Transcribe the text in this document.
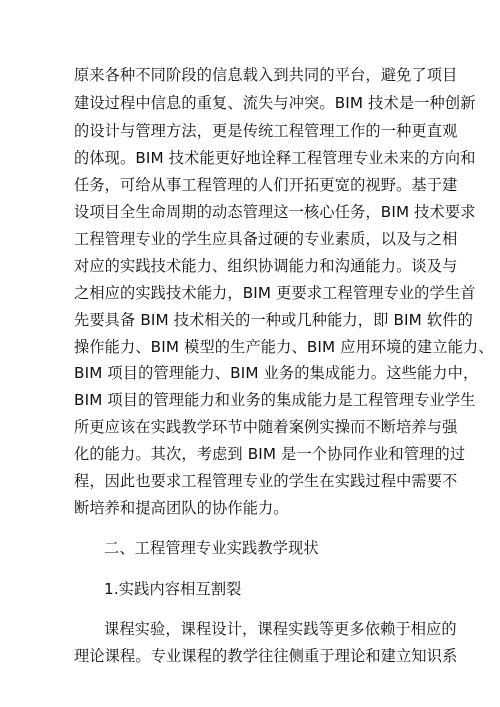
原来各种不同阶段的信息载入到共同的平台，避免了项目
建设过程中信息的重复、流失与冲突。BIM 技术是一种创新
的设计与管理方法，更是传统工程管理工作的一种更直观
的体现。BIM 技术能更好地诠释工程管理专业未来的方向和
任务，可给从事工程管理的人们开拓更宽的视野。基于建
设项目全生命周期的动态管理这一核心任务，BIM 技术要求
工程管理专业的学生应具备过硬的专业素质，以及与之相
对应的实践技术能力、组织协调能力和沟通能力。谈及与
之相应的实践技术能力，BIM 更要求工程管理专业的学生首
先要具备 BIM 技术相关的一种或几种能力，即 BIM 软件的
操作能力、BIM 模型的生产能力、BIM 应用环境的建立能力、
BIM 项目的管理能力、BIM 业务的集成能力。这些能力中，
BIM 项目的管理能力和业务的集成能力是工程管理专业学生
所更应该在实践教学环节中随着案例实操而不断培养与强
化的能力。其次，考虑到 BIM 是一个协同作业和管理的过
程，因此也要求工程管理专业的学生在实践过程中需要不
断培养和提高团队的协作能力。
二、工程管理专业实践教学现状
1.实践内容相互割裂
课程实验，课程设计，课程实践等更多依赖于相应的
理论课程。专业课程的教学往往侧重于理论和建立知识系
